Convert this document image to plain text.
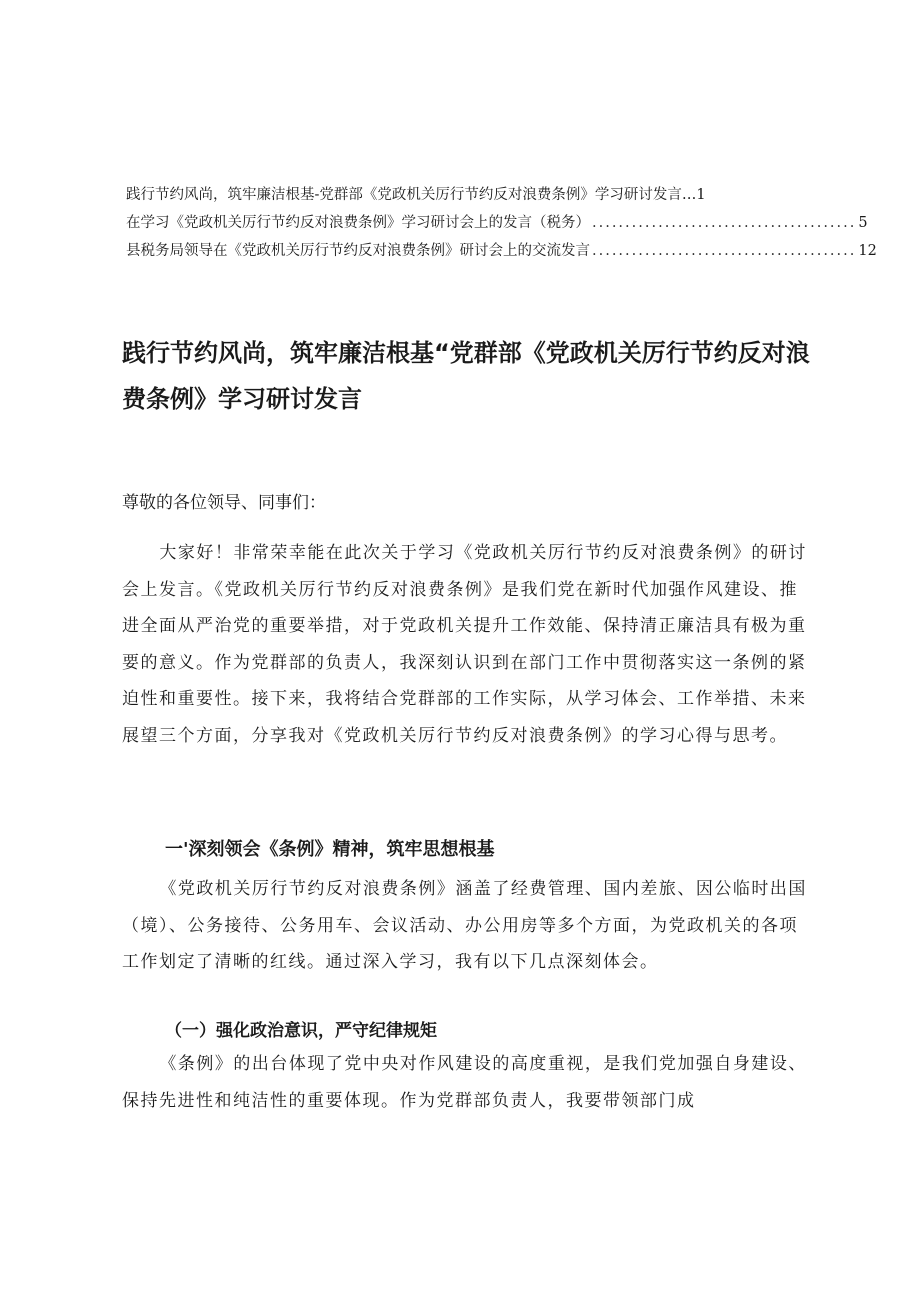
践行节约风尚，筑牢廉洁根基-党群部《党政机关厉行节约反对浪费条例》学习研讨发言… 1
在学习《党政机关厉行节约反对浪费条例》学习研讨会上的发言（税务） ........................................ 5
县税务局领导在《党政机关厉行节约反对浪费条例》研讨会上的交流发言 ........................................ 12
践行节约风尚，筑牢廉洁根基“党群部《党政机关厉行节约反对浪费条例》学习研讨发言

尊敬的各位领导、同事们：

大家好！非常荣幸能在此次关于学习《党政机关厉行节约反对浪费条例》的研讨会上发言。《党政机关厉行节约反对浪费条例》是我们党在新时代加强作风建设、推进全面从严治党的重要举措，对于党政机关提升工作效能、保持清正廉洁具有极为重要的意义。作为党群部的负责人，我深刻认识到在部门工作中贯彻落实这一条例的紧迫性和重要性。接下来，我将结合党群部的工作实际，从学习体会、工作举措、未来展望三个方面，分享我对《党政机关厉行节约反对浪费条例》的学习心得与思考。

一'深刻领会《条例》精神，筑牢思想根基

《党政机关厉行节约反对浪费条例》涵盖了经费管理、国内差旅、因公临时出国（境）、公务接待、公务用车、会议活动、办公用房等多个方面，为党政机关的各项工作划定了清晰的红线。通过深入学习，我有以下几点深刻体会。

（一）强化政治意识，严守纪律规矩

《条例》的出台体现了党中央对作风建设的高度重视，是我们党加强自身建设、保持先进性和纯洁性的重要体现。作为党群部负责人，我要带领部门成
